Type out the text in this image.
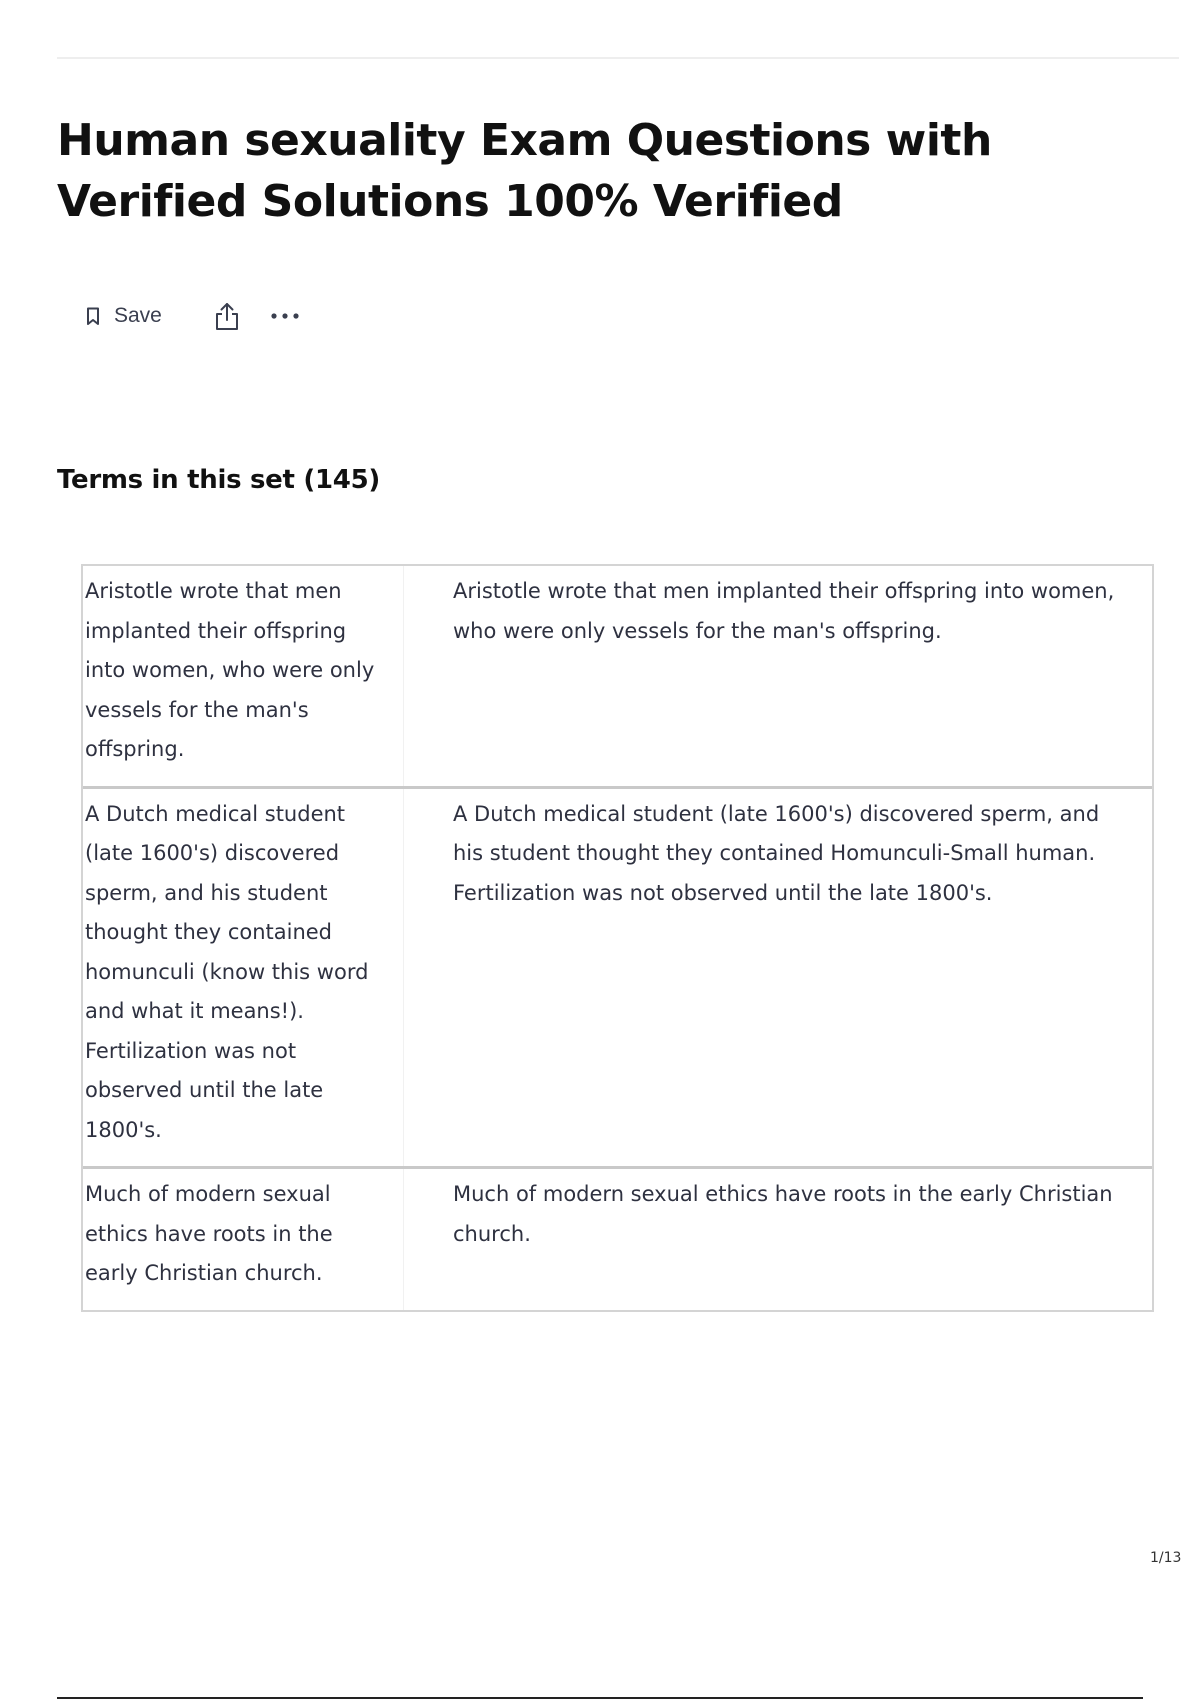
Human sexuality Exam Questions with Verified Solutions 100% Verified
Save
Terms in this set (145)
Aristotle wrote that men implanted their offspring into women, who were only vessels for the man's offspring.
Aristotle wrote that men implanted their offspring into women, who were only vessels for the man's offspring.
A Dutch medical student (late 1600's) discovered sperm, and his student thought they contained homunculi (know this word and what it means!). Fertilization was not observed until the late 1800's.
A Dutch medical student (late 1600's) discovered sperm, and his student thought they contained Homunculi-Small human. Fertilization was not observed until the late 1800's.
Much of modern sexual ethics have roots in the early Christian church.
Much of modern sexual ethics have roots in the early Christian church.
1/13
